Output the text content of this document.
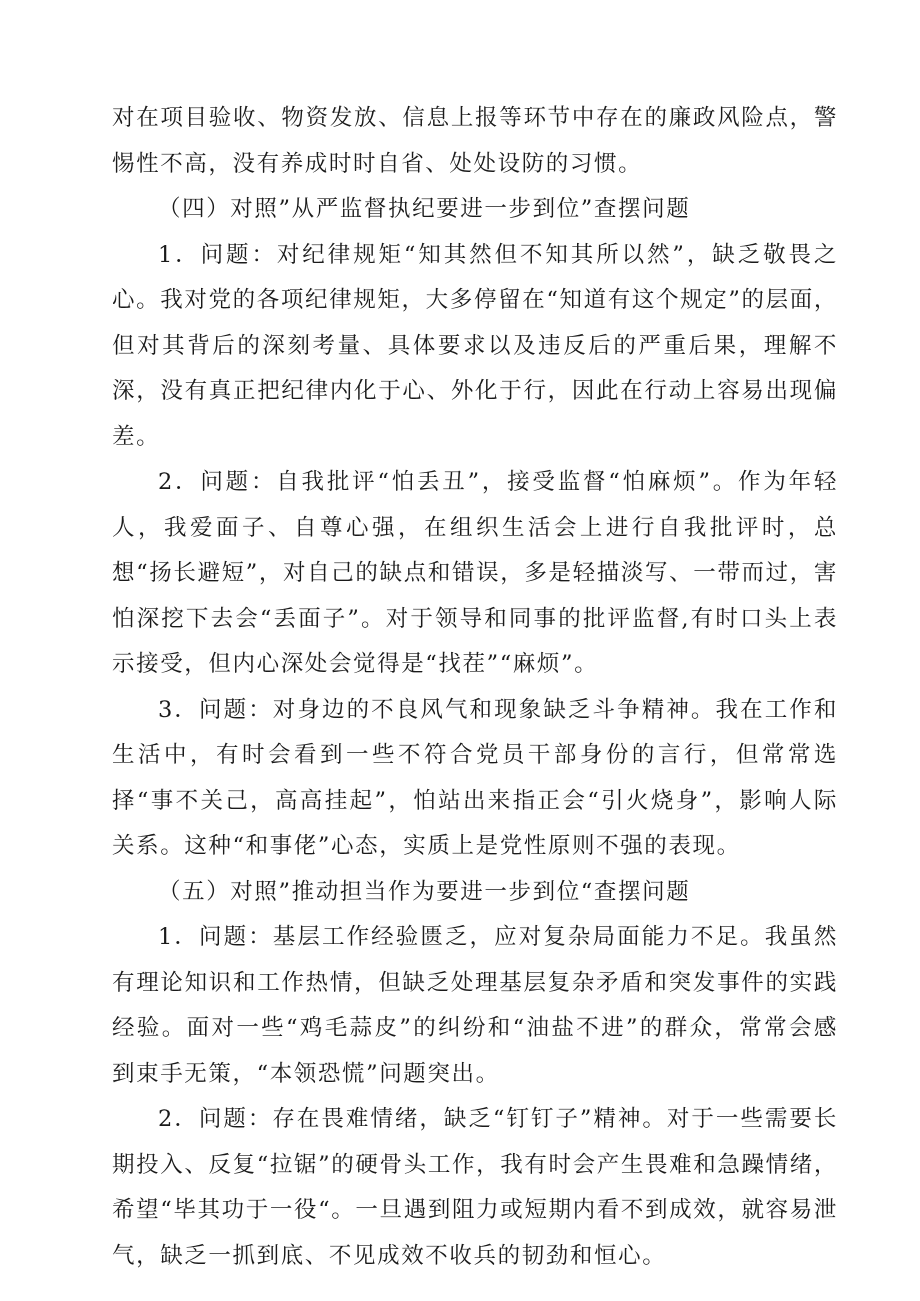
对在项目验收、物资发放、信息上报等环节中存在的廉政风险点，警惕性不高，没有养成时时自省、处处设防的习惯。

（四）对照”从严监督执纪要进一步到位”查摆问题

1．问题：对纪律规矩“知其然但不知其所以然”，缺乏敬畏之心。我对党的各项纪律规矩，大多停留在“知道有这个规定”的层面，但对其背后的深刻考量、具体要求以及违反后的严重后果，理解不深，没有真正把纪律内化于心、外化于行，因此在行动上容易出现偏差。

2．问题：自我批评“怕丢丑”，接受监督“怕麻烦”。作为年轻人，我爱面子、自尊心强，在组织生活会上进行自我批评时，总想“扬长避短”，对自己的缺点和错误，多是轻描淡写、一带而过，害怕深挖下去会“丢面子”。对于领导和同事的批评监督,有时口头上表示接受，但内心深处会觉得是“找茬”“麻烦”。

3．问题：对身边的不良风气和现象缺乏斗争精神。我在工作和生活中，有时会看到一些不符合党员干部身份的言行，但常常选择“事不关己，高高挂起”，怕站出来指正会“引火烧身”，影响人际关系。这种“和事佬”心态，实质上是党性原则不强的表现。

（五）对照”推动担当作为要进一步到位“查摆问题

1．问题：基层工作经验匮乏，应对复杂局面能力不足。我虽然有理论知识和工作热情，但缺乏处理基层复杂矛盾和突发事件的实践经验。面对一些“鸡毛蒜皮”的纠纷和“油盐不进”的群众，常常会感到束手无策，“本领恐慌”问题突出。

2．问题：存在畏难情绪，缺乏“钉钉子”精神。对于一些需要长期投入、反复“拉锯”的硬骨头工作，我有时会产生畏难和急躁情绪，希望“毕其功于一役“。一旦遇到阻力或短期内看不到成效，就容易泄气，缺乏一抓到底、不见成效不收兵的韧劲和恒心。
